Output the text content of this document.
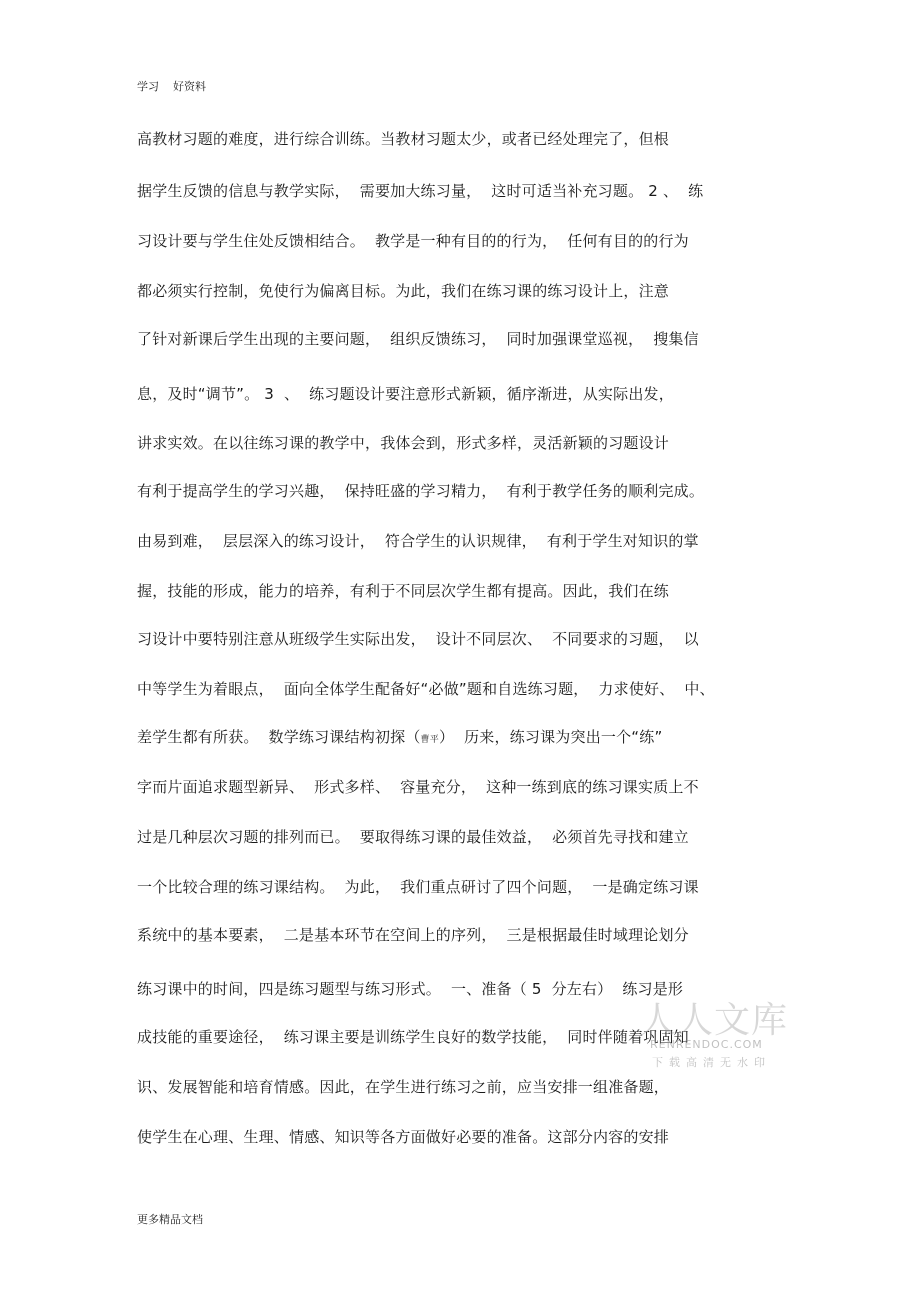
学习    好资料
高教材习题的难度，进行综合训练。当教材习题太少，或者已经处理完了，但根
据学生反馈的信息与教学实际，  需要加大练习量，  这时可适当补充习题。 2 、  练
习设计要与学生住处反馈相结合。  教学是一种有目的的行为，  任何有目的的行为
都必须实行控制，免使行为偏离目标。为此，我们在练习课的练习设计上，注意
了针对新课后学生出现的主要问题，  组织反馈练习，  同时加强课堂巡视，  搜集信
息，及时“调节”。 3  、  练习题设计要注意形式新颖，循序渐进，从实际出发，
讲求实效。在以往练习课的教学中，我体会到，形式多样，灵活新颖的习题设计
有利于提高学生的学习兴趣，  保持旺盛的学习精力，  有利于教学任务的顺利完成。
由易到难，  层层深入的练习设计，  符合学生的认识规律，  有利于学生对知识的掌
握，技能的形成，能力的培养，有利于不同层次学生都有提高。因此，我们在练
习设计中要特别注意从班级学生实际出发，  设计不同层次、  不同要求的习题，  以
中等学生为着眼点，  面向全体学生配备好“必做”题和自选练习题，  力求使好、  中、
差学生都有所获。  数学练习课结构初探（曹平）  历来，练习课为突出一个“练”
字而片面追求题型新异、  形式多样、  容量充分，  这种一练到底的练习课实质上不
过是几种层次习题的排列而已。  要取得练习课的最佳效益，  必须首先寻找和建立
一个比较合理的练习课结构。  为此，  我们重点研讨了四个问题，  一是确定练习课
系统中的基本要素，  二是基本环节在空间上的序列，  三是根据最佳时域理论划分
练习课中的时间，四是练习题型与练习形式。  一、准备（ 5  分左右）  练习是形
成技能的重要途径，  练习课主要是训练学生良好的数学技能，  同时伴随着巩固知
识、发展智能和培育情感。因此，在学生进行练习之前，应当安排一组准备题，
使学生在心理、生理、情感、知识等各方面做好必要的准备。这部分内容的安排
人人文库
RENRENDOC.COM
下载高清无水印
更多精品文档
